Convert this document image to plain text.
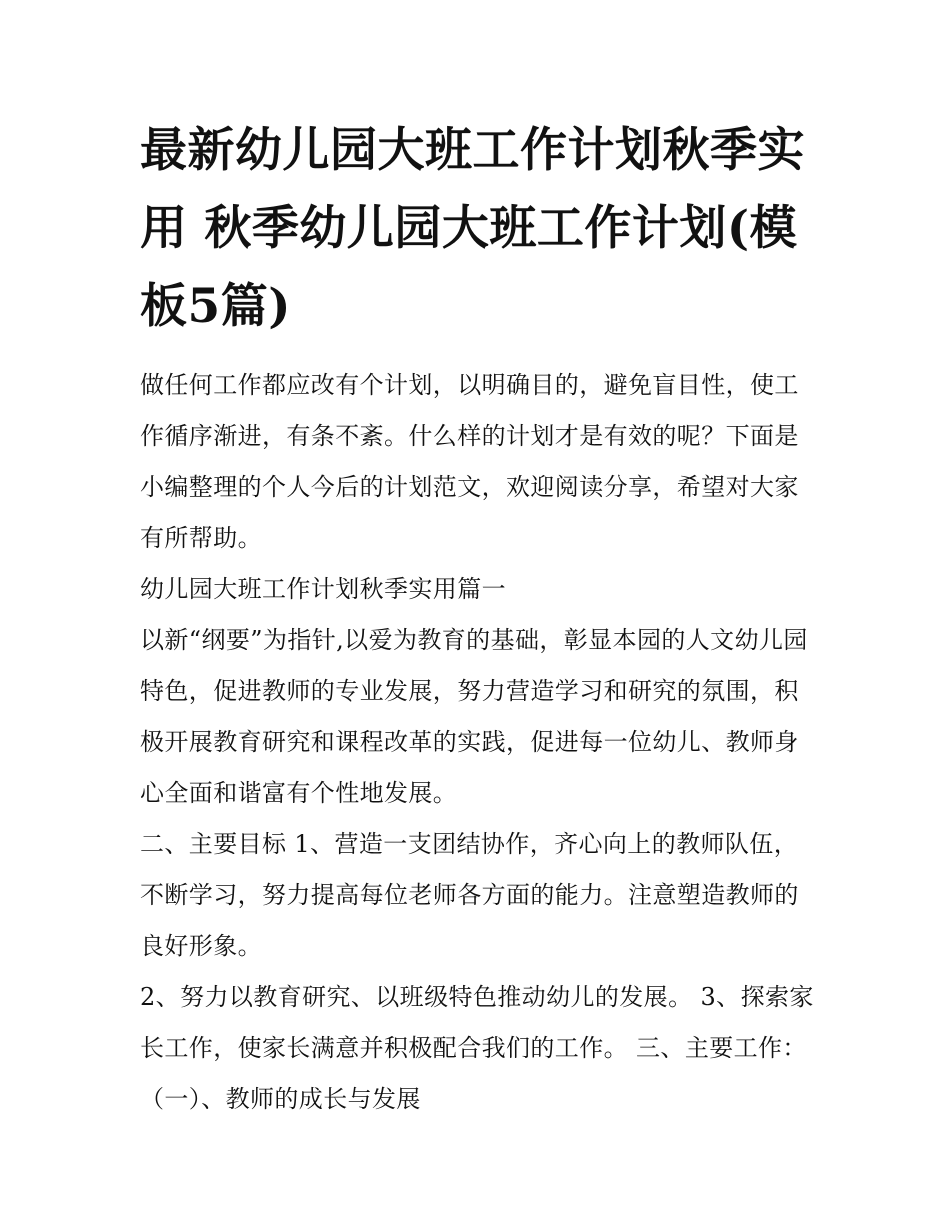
最新幼儿园大班工作计划秋季实用 秋季幼儿园大班工作计划(模板5篇)

做任何工作都应改有个计划，以明确目的，避免盲目性，使工作循序渐进，有条不紊。什么样的计划才是有效的呢？下面是小编整理的个人今后的计划范文，欢迎阅读分享，希望对大家有所帮助。

幼儿园大班工作计划秋季实用篇一

以新“纲要”为指针,以爱为教育的基础，彰显本园的人文幼儿园特色，促进教师的专业发展，努力营造学习和研究的氛围，积极开展教育研究和课程改革的实践，促进每一位幼儿、教师身心全面和谐富有个性地发展。

二、主要目标 1、营造一支团结协作，齐心向上的教师队伍，不断学习，努力提高每位老师各方面的能力。注意塑造教师的良好形象。

2、努力以教育研究、以班级特色推动幼儿的发展。 3、探索家长工作，使家长满意并积极配合我们的工作。 三、主要工作：（一）、教师的成长与发展
